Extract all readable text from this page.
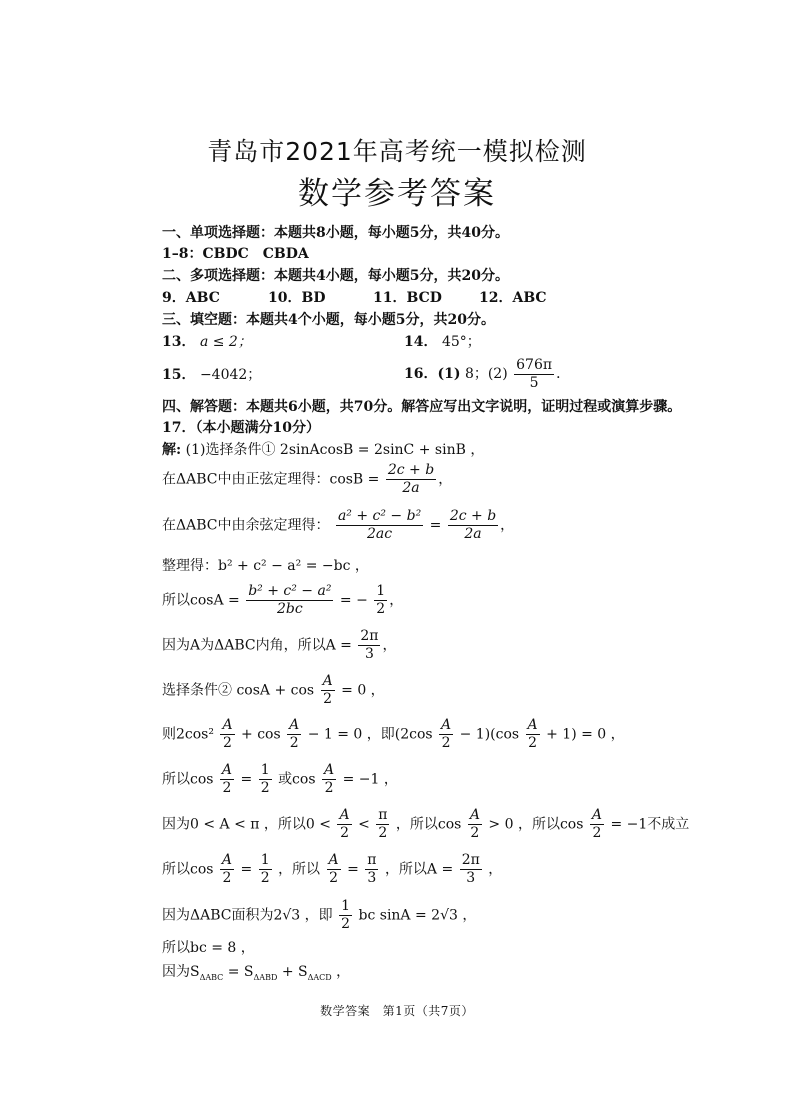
青岛市2021年高考统一模拟检测
数学参考答案
一、单项选择题：本题共8小题，每小题5分，共40分。
1–8：CBDC　CBDA
二、多项选择题：本题共4小题，每小题5分，共20分。
9．ABC	10．BD	11．BCD	12．ABC
三、填空题：本题共4个小题，每小题5分，共20分。
13． a ≤ 2；	14． 45°；
15． −4042；	16．(1) 8；$(2) \frac{676\pi}{5}$ ．
四、解答题：本题共6小题，共70分。解答应写出文字说明，证明过程或演算步骤。
17．（本小题满分10分）
解: (1)选择条件① 2sinAcosB = 2sinC + sinB ，
在ΔABC中由正弦定理得：$\cos B = \frac{2c + b}{2a}$ ，
在ΔABC中由余弦定理得： $\frac{\text{a² + c² − b²}}{2ac} = \frac{2c + b}{2a}$ ，
整理得：b² + c² − a² = −bc ，
所以$\cos A = \frac{\text{b² + c² − a²}}{2bc}$ = − $\frac{1}{2}$ ，
因为A为ΔABC内角，所以$A = \frac{2\pi}{3}$ ，
选择条件② $\cos A + \cos \frac{A}{2} = 0$ ，
则$2\cos^2 \frac{A}{2} + \cos \frac{A}{2} - 1 = 0$ ，即$(2\cos \frac{A}{2} - 1)(\cos \frac{A}{2} + 1) = 0$ ，
所以$\cos \frac{A}{2} = \frac{1}{2}$ 或$\cos \frac{A}{2} = -1$ ，
因为0 < A < π ，所以$0 < \frac{A}{2} < \frac{\pi}{2}$ ，所以$\cos \frac{A}{2} > 0$ ，所以$\cos \frac{A}{2} = -1$不成立
所以$\cos \frac{A}{2} = \frac{1}{2}$ ，所以 $\frac{A}{2} = \frac{\pi}{3}$ ，所以$A = \frac{2\pi}{3}$ ，
因为ΔABC面积为2√3 ，即 $\frac{1}{2}$ bc sinA = 2√3 ，
所以bc = 8 ，
因为$S_{\Delta ABC} = S_{\Delta ABD} + S_{\Delta ACD}$ ，
数学答案　第1页（共7页）
